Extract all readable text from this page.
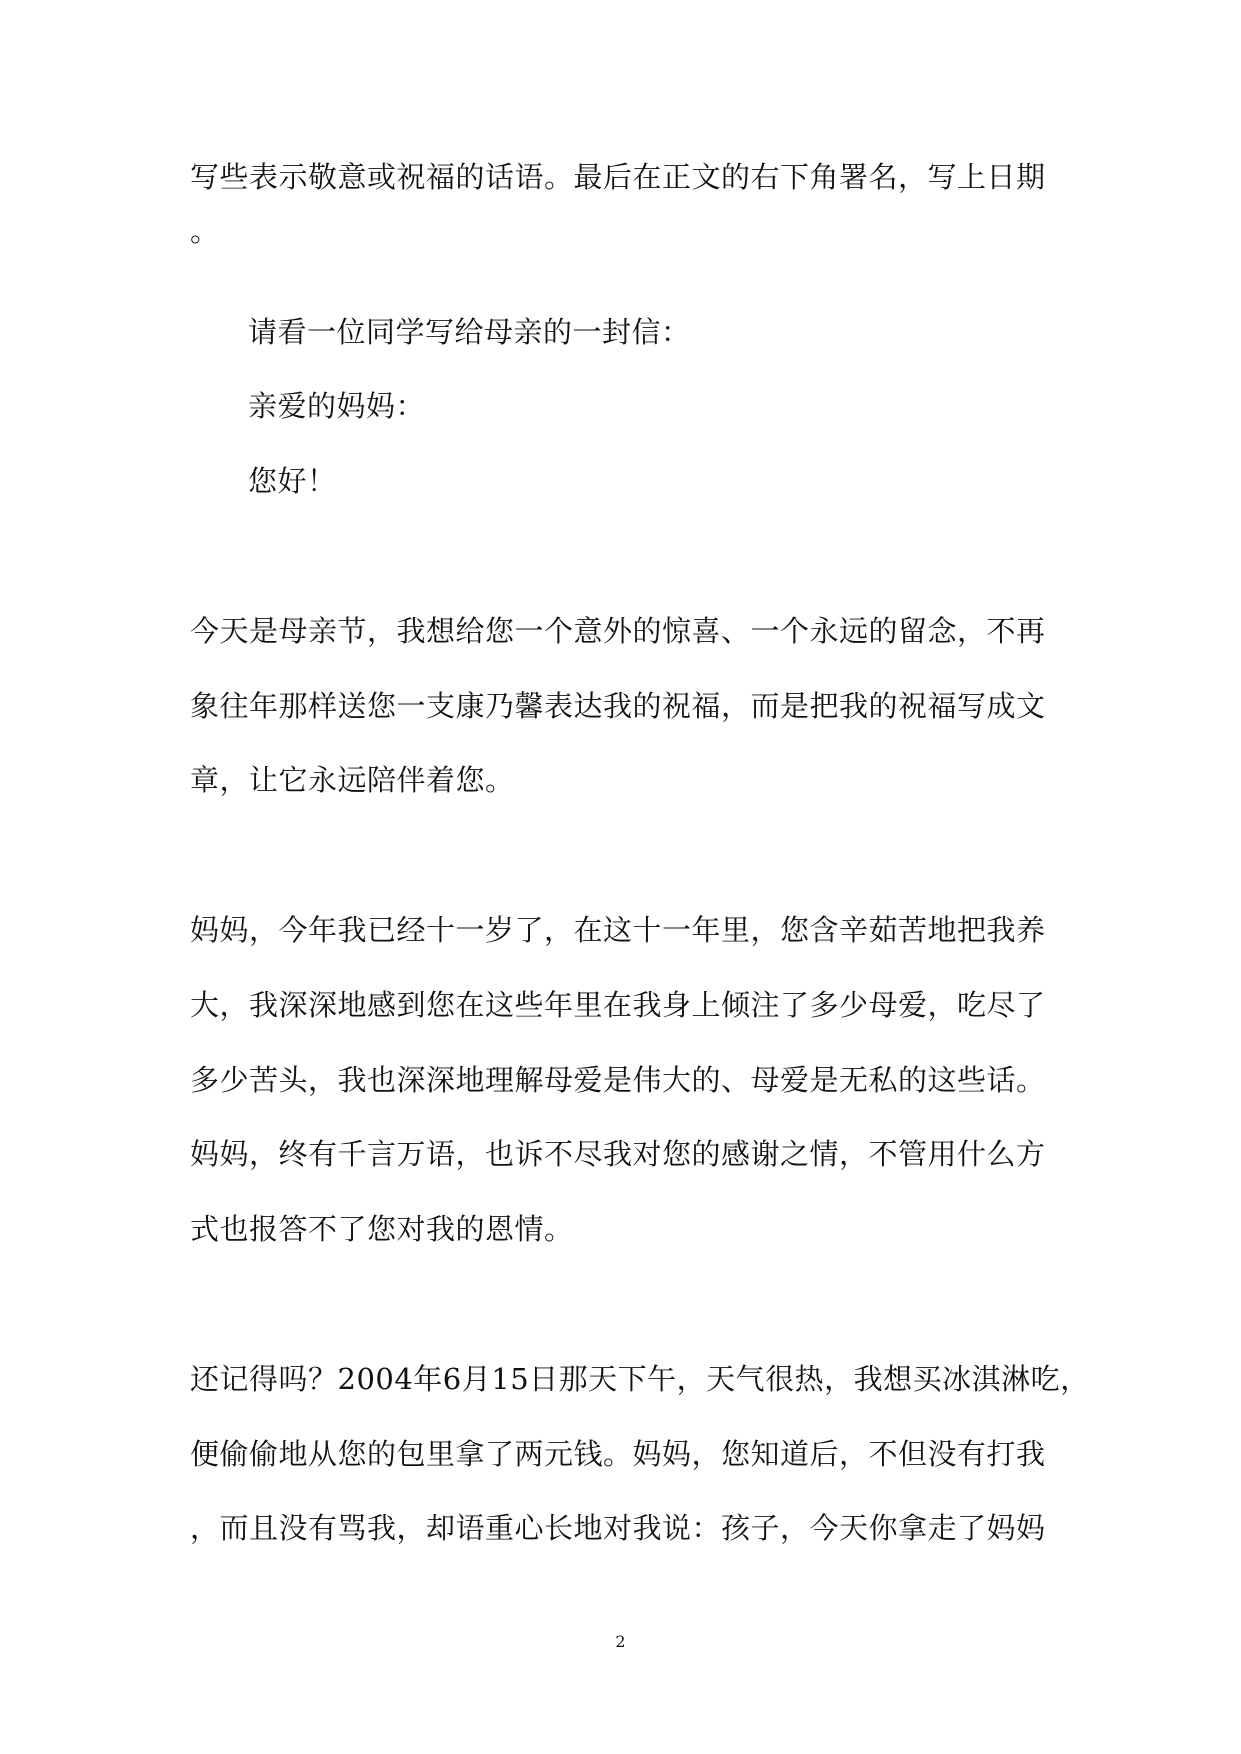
写些表示敬意或祝福的话语。最后在正文的右下角署名，写上日期
。
请看一位同学写给母亲的一封信：
亲爱的妈妈：
您好！
今天是母亲节，我想给您一个意外的惊喜、一个永远的留念，不再
象往年那样送您一支康乃馨表达我的祝福，而是把我的祝福写成文
章，让它永远陪伴着您。
妈妈，今年我已经十一岁了，在这十一年里，您含辛茹苦地把我养
大，我深深地感到您在这些年里在我身上倾注了多少母爱，吃尽了
多少苦头，我也深深地理解母爱是伟大的、母爱是无私的这些话。
妈妈，终有千言万语，也诉不尽我对您的感谢之情，不管用什么方
式也报答不了您对我的恩情。
还记得吗？2004年6月15日那天下午，天气很热，我想买冰淇淋吃，
便偷偷地从您的包里拿了两元钱。妈妈，您知道后，不但没有打我
，而且没有骂我，却语重心长地对我说：孩子，今天你拿走了妈妈
2
